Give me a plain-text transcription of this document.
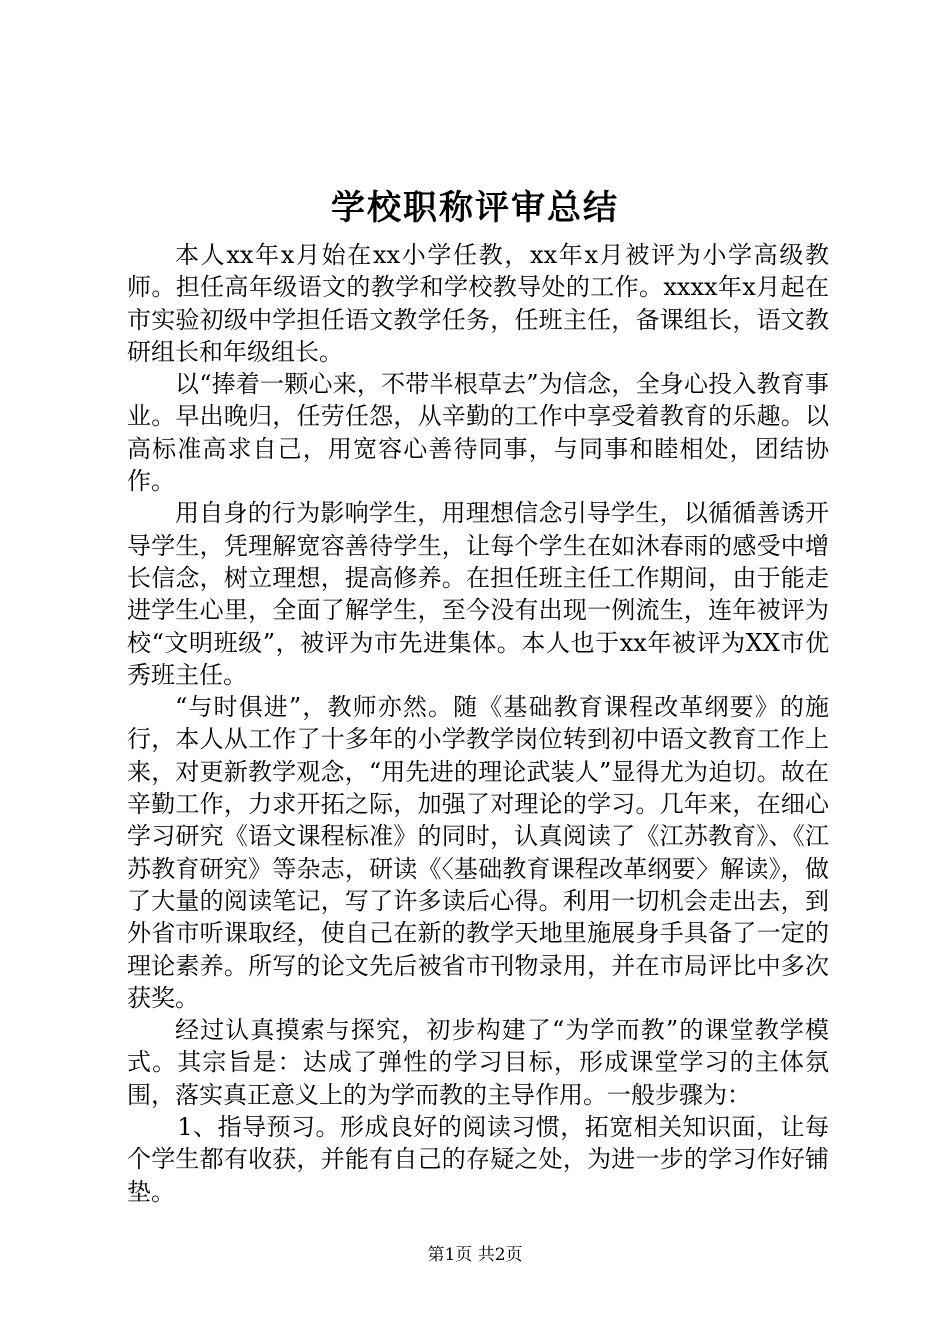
学校职称评审总结

本人xx年x月始在xx小学任教，xx年x月被评为小学高级教师。担任高年级语文的教学和学校教导处的工作。xxxx年x月起在市实验初级中学担任语文教学任务，任班主任，备课组长，语文教研组长和年级组长。

以“捧着一颗心来，不带半根草去”为信念，全身心投入教育事业。早出晚归，任劳任怨，从辛勤的工作中享受着教育的乐趣。以高标准高求自己，用宽容心善待同事，与同事和睦相处，团结协作。

用自身的行为影响学生，用理想信念引导学生，以循循善诱开导学生，凭理解宽容善待学生，让每个学生在如沐春雨的感受中增长信念，树立理想，提高修养。在担任班主任工作期间，由于能走进学生心里，全面了解学生，至今没有出现一例流生，连年被评为校“文明班级”，被评为市先进集体。本人也于xx年被评为XX市优秀班主任。

“与时俱进”，教师亦然。随《基础教育课程改革纲要》的施行，本人从工作了十多年的小学教学岗位转到初中语文教育工作上来，对更新教学观念，“用先进的理论武装人”显得尤为迫切。故在辛勤工作，力求开拓之际，加强了对理论的学习。几年来，在细心学习研究《语文课程标准》的同时，认真阅读了《江苏教育》、《江苏教育研究》等杂志，研读《〈基础教育课程改革纲要〉解读》，做了大量的阅读笔记，写了许多读后心得。利用一切机会走出去，到外省市听课取经，使自己在新的教学天地里施展身手具备了一定的理论素养。所写的论文先后被省市刊物录用，并在市局评比中多次获奖。

经过认真摸索与探究，初步构建了“为学而教”的课堂教学模式。其宗旨是：达成了弹性的学习目标，形成课堂学习的主体氛围，落实真正意义上的为学而教的主导作用。一般步骤为：

1、指导预习。形成良好的阅读习惯，拓宽相关知识面，让每个学生都有收获，并能有自己的存疑之处，为进一步的学习作好铺垫。

第1页 共2页
